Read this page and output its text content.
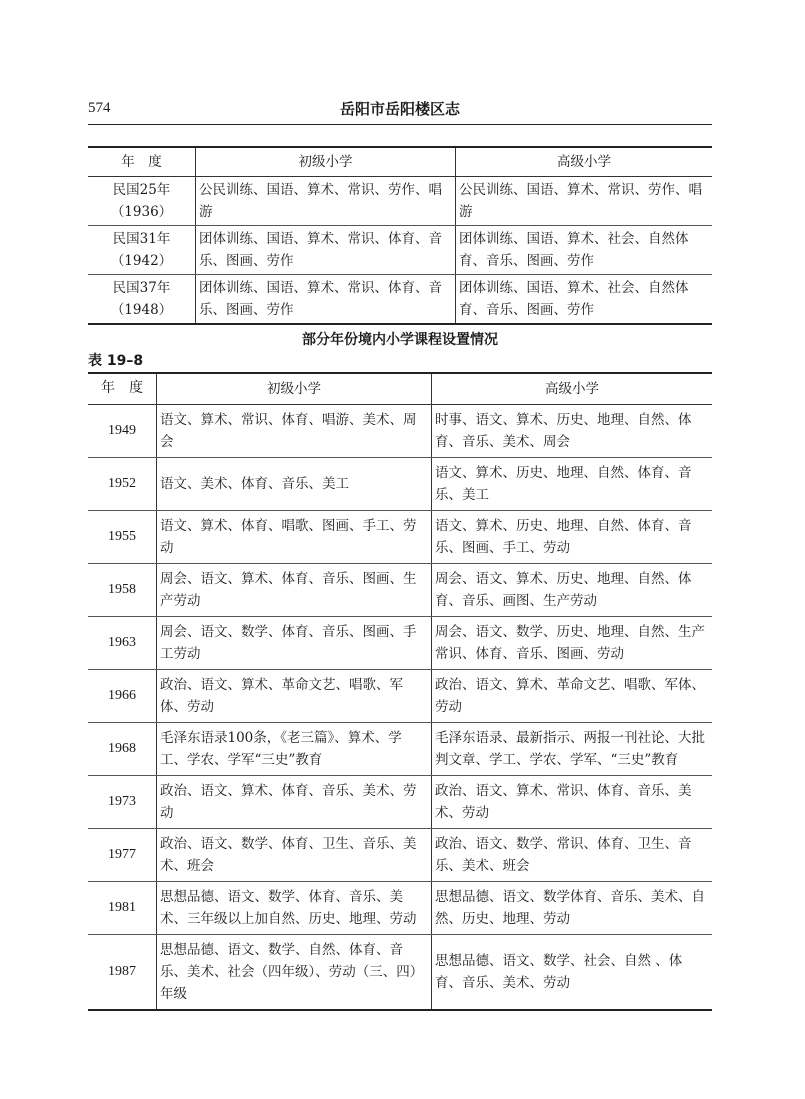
574	岳阳市岳阳楼区志
年　度	初级小学	高级小学

民国25年
（1936）	公民训练、国语、算术、常识、劳作、唱游	公民训练、国语、算术、常识、劳作、唱游

民国31年
（1942）	团体训练、国语、算术、常识、体育、音乐、图画、劳作	团体训练、国语、算术、社会、自然体育、音乐、图画、劳作

民国37年
（1948）	团体训练、国语、算术、常识、体育、音乐、图画、劳作	团体训练、国语、算术、社会、自然体育、音乐、图画、劳作
部分年份境内小学课程设置情况
表 19–8
年　度	初级小学	高级小学
1949	语文、算术、常识、体育、唱游、美术、周会	时事、语文、算术、历史、地理、自然、体育、音乐、美术、周会
1952	语文、美术、体育、音乐、美工	语文、算术、历史、地理、自然、体育、音乐、美工
1955	语文、算术、体育、唱歌、图画、手工、劳动	语文、算术、历史、地理、自然、体育、音乐、图画、手工、劳动
1958	周会、语文、算术、体育、音乐、图画、生产劳动	周会、语文、算术、历史、地理、自然、体育、音乐、画图、生产劳动
1963	周会、语文、数学、体育、音乐、图画、手工劳动	周会、语文、数学、历史、地理、自然、生产常识、体育、音乐、图画、劳动
1966	政治、语文、算术、革命文艺、唱歌、军体、劳动	政治、语文、算术、革命文艺、唱歌、军体、劳动
1968	毛泽东语录100条，《老三篇》、算术、学工、学农、学军“三史”教育	毛泽东语录、最新指示、两报一刊社论、大批判文章、学工、学农、学军、“三史”教育
1973	政治、语文、算术、体育、音乐、美术、劳动	政治、语文、算术、常识、体育、音乐、美术、劳动
1977	政治、语文、数学、体育、卫生、音乐、美术、班会	政治、语文、数学、常识、体育、卫生、音乐、美术、班会
1981	思想品德、语文、数学、体育、音乐、美术、三年级以上加自然、历史、地理、劳动	思想品德、语文、数学体育、音乐、美术、自然、历史、地理、劳动
1987	思想品德、语文、数学、自然、体育、音乐、美术、社会（四年级）、劳动（三、四）年级	思想品德、语文、数学、社会、自然 、体育、音乐、美术、劳动
